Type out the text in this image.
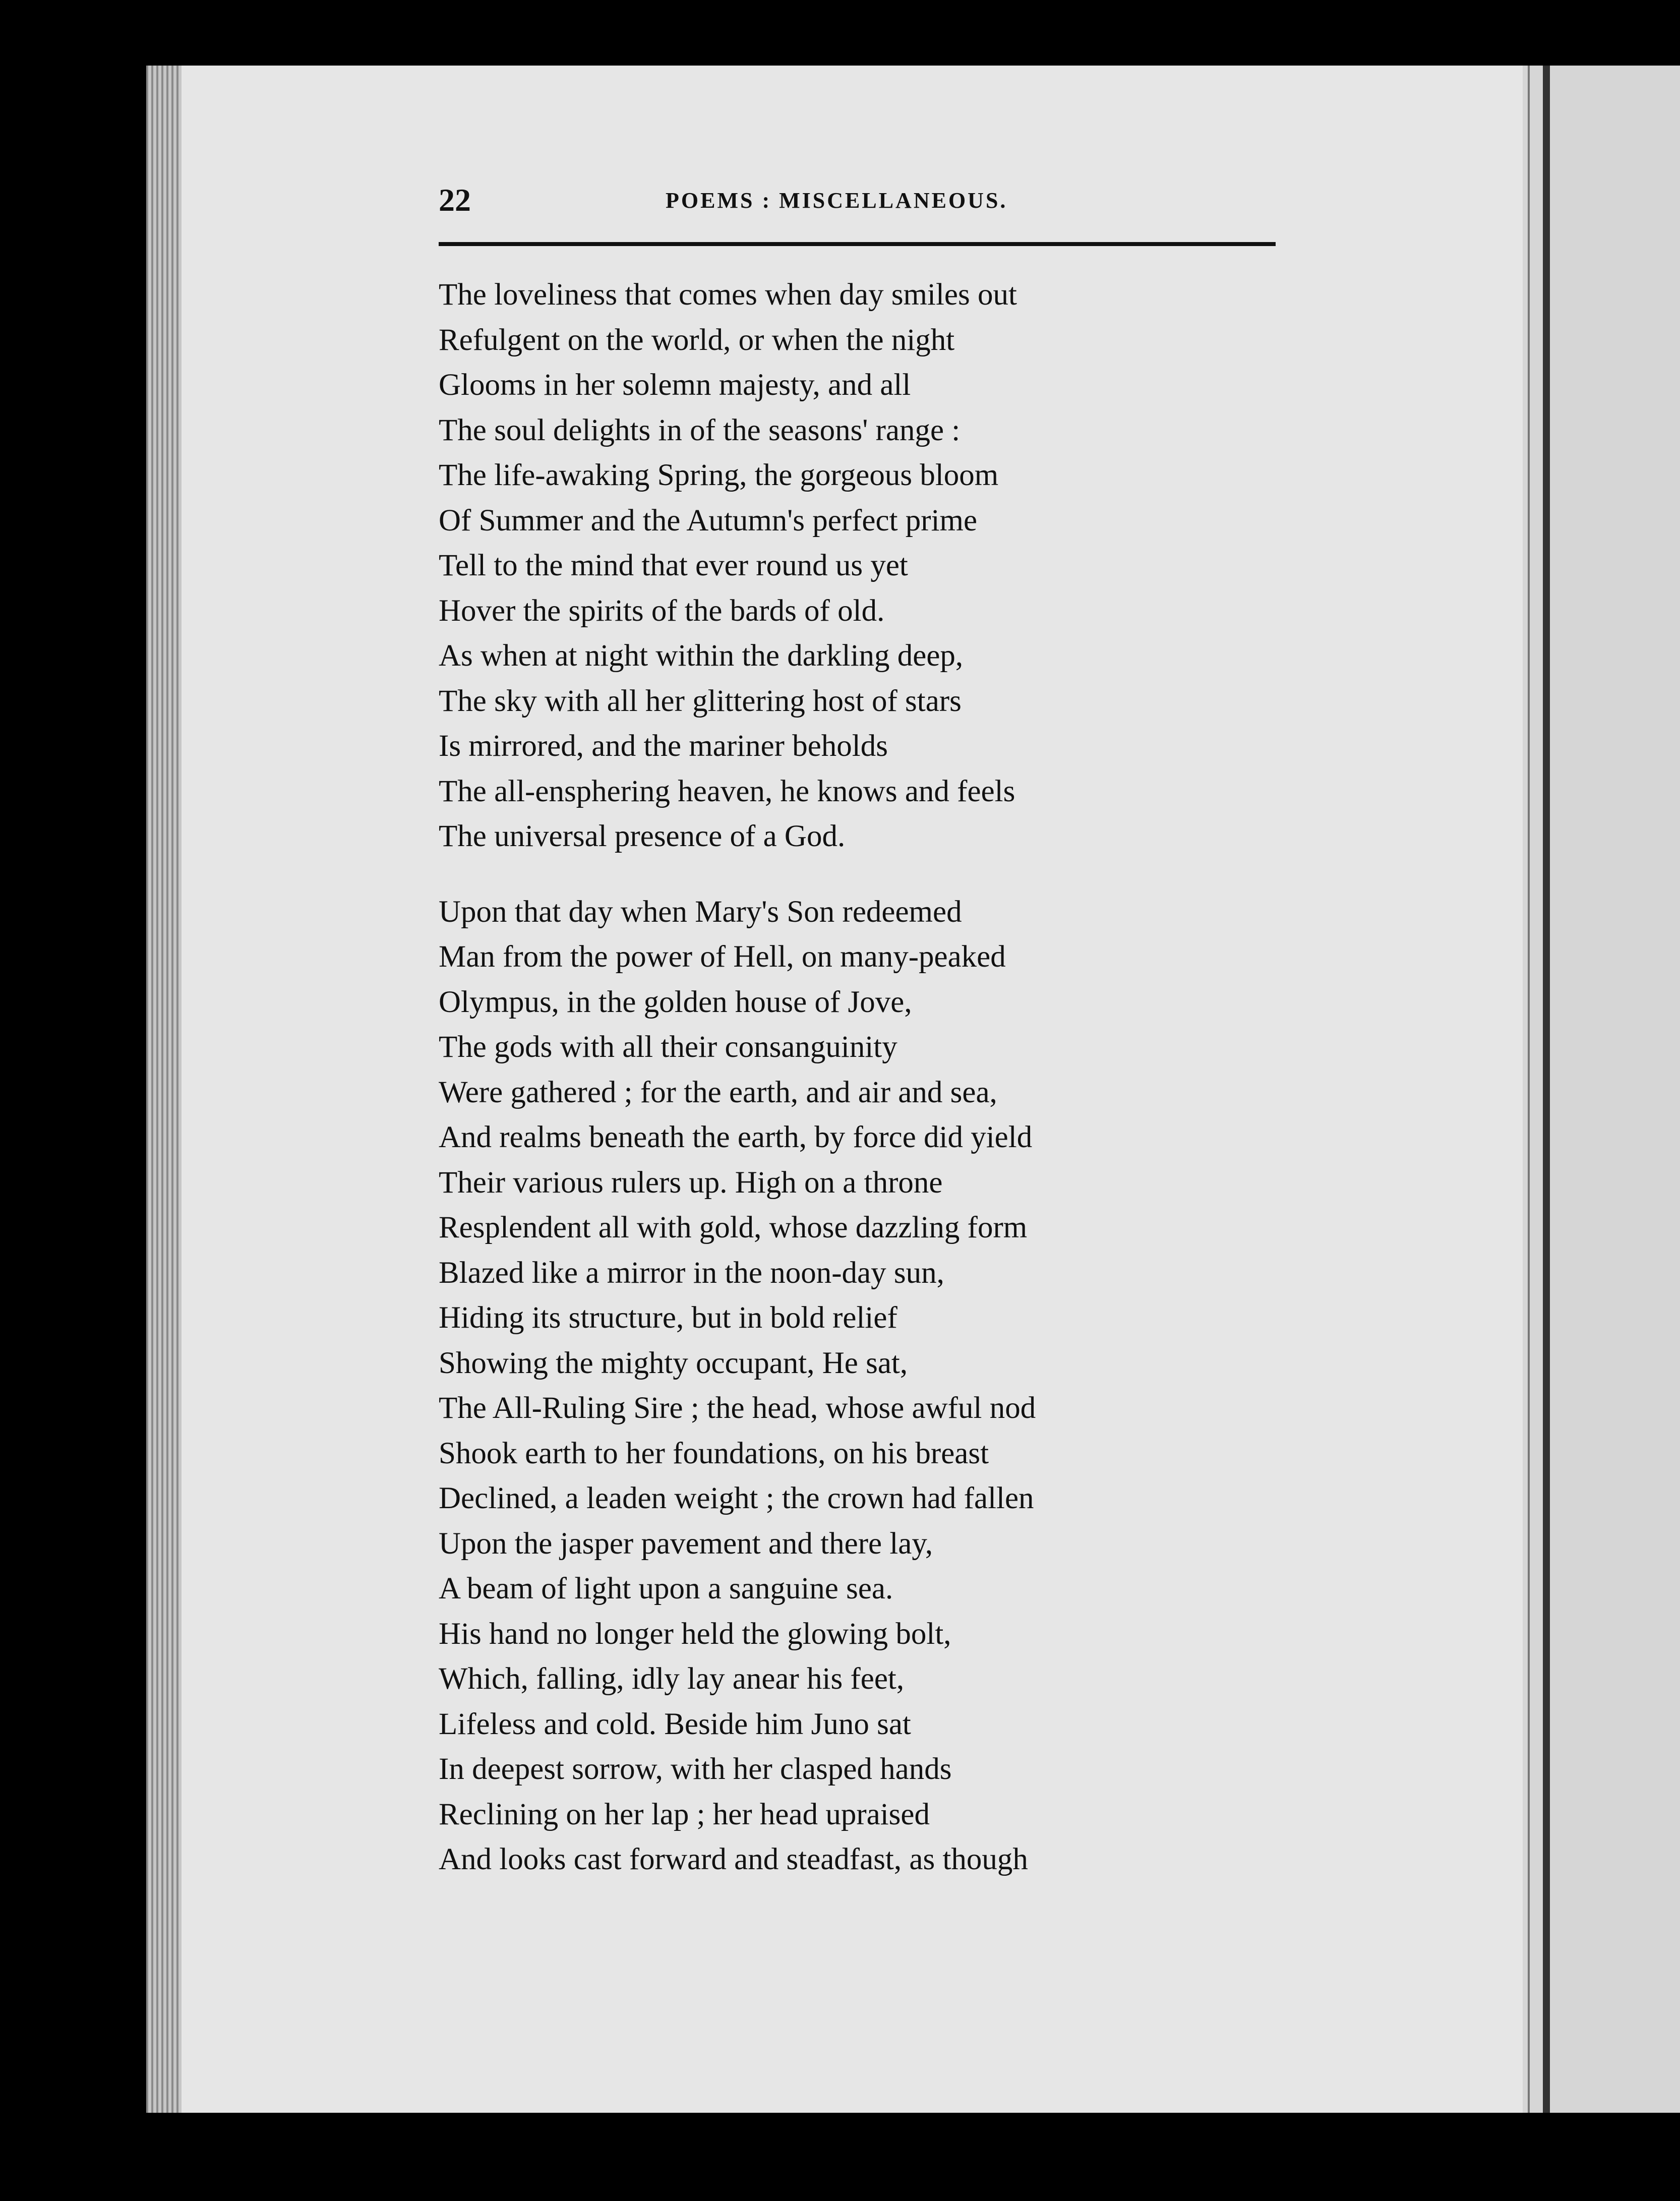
22	POEMS : MISCELLANEOUS.
The loveliness that comes when day smiles out
Refulgent on the world, or when the night
Glooms in her solemn majesty, and all
The soul delights in of the seasons' range :
The life-awaking Spring, the gorgeous bloom
Of Summer and the Autumn's perfect prime
Tell to the mind that ever round us yet
Hover the spirits of the bards of old.
As when at night within the darkling deep,
The sky with all her glittering host of stars
Is mirrored, and the mariner beholds
The all-ensphering heaven, he knows and feels
The universal presence of a God.
Upon that day when Mary's Son redeemed
Man from the power of Hell, on many-peaked
Olympus, in the golden house of Jove,
The gods with all their consanguinity
Were gathered ; for the earth, and air and sea,
And realms beneath the earth, by force did yield
Their various rulers up. High on a throne
Resplendent all with gold, whose dazzling form
Blazed like a mirror in the noon-day sun,
Hiding its structure, but in bold relief
Showing the mighty occupant, He sat,
The All-Ruling Sire ; the head, whose awful nod
Shook earth to her foundations, on his breast
Declined, a leaden weight ; the crown had fallen
Upon the jasper pavement and there lay,
A beam of light upon a sanguine sea.
His hand no longer held the glowing bolt,
Which, falling, idly lay anear his feet,
Lifeless and cold. Beside him Juno sat
In deepest sorrow, with her clasped hands
Reclining on her lap ; her head upraised
And looks cast forward and steadfast, as though
